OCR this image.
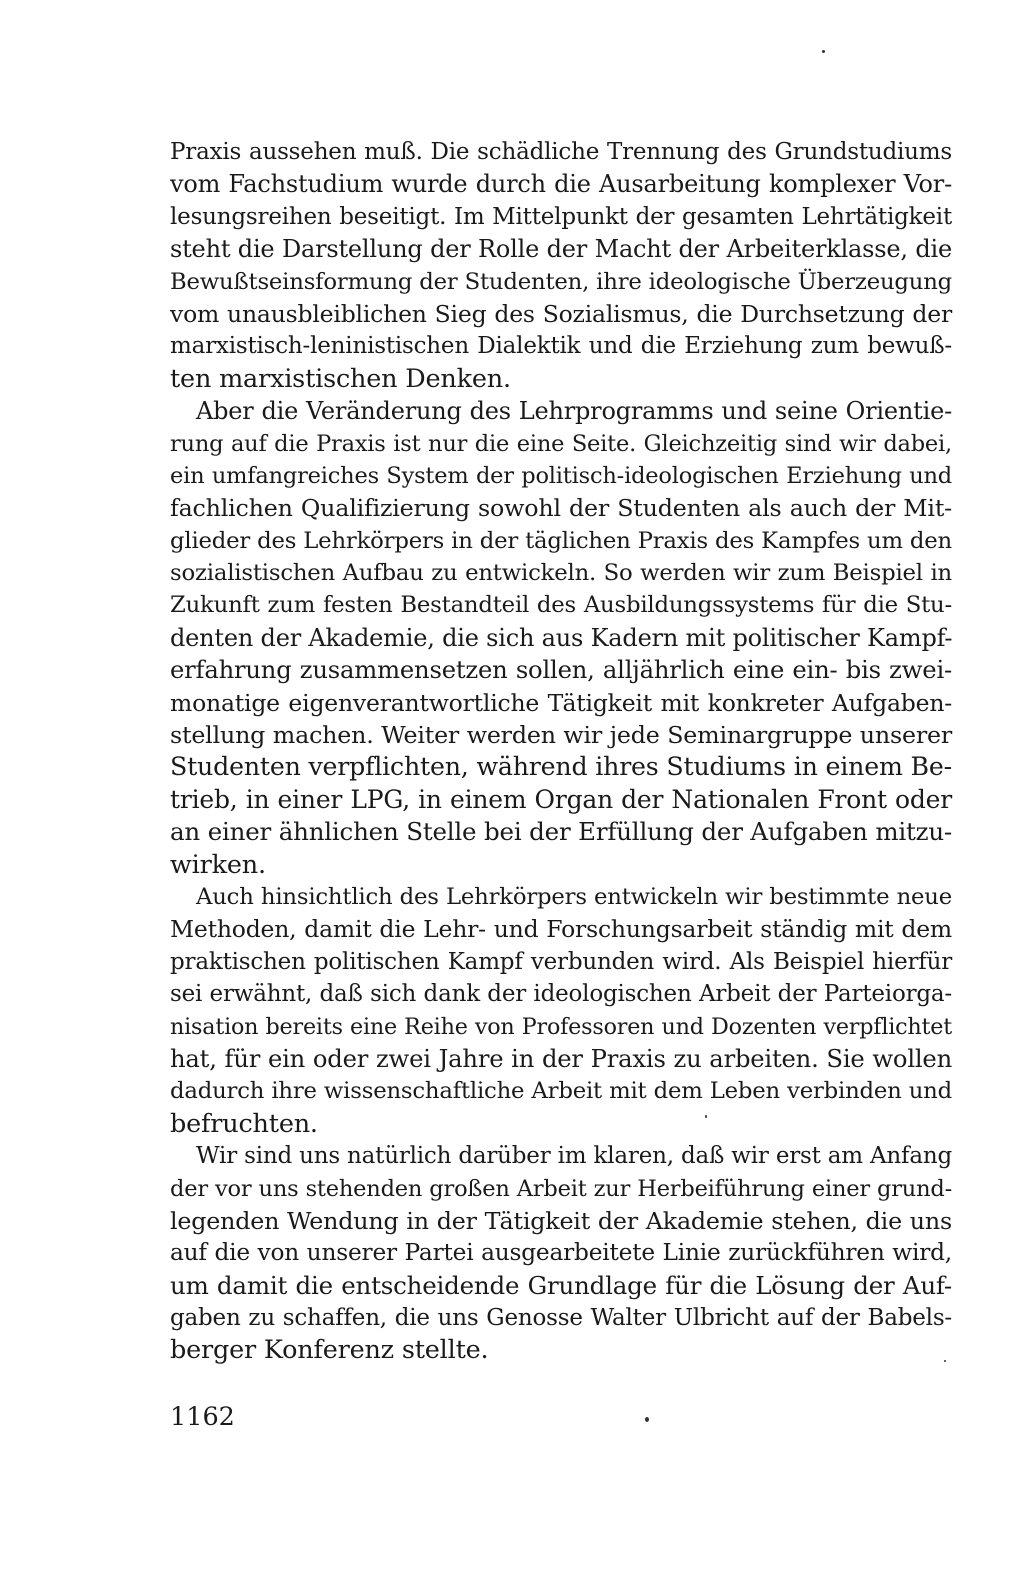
Praxis aussehen muß. Die schädliche Trennung des Grundstudiums
vom Fachstudium wurde durch die Ausarbeitung komplexer Vor-
lesungsreihen beseitigt. Im Mittelpunkt der gesamten Lehrtätigkeit
steht die Darstellung der Rolle der Macht der Arbeiterklasse, die
Bewußtseinsformung der Studenten, ihre ideologische Überzeugung
vom unausbleiblichen Sieg des Sozialismus, die Durchsetzung der
marxistisch-leninistischen Dialektik und die Erziehung zum bewuß-
ten marxistischen Denken.
Aber die Veränderung des Lehrprogramms und seine Orientie-
rung auf die Praxis ist nur die eine Seite. Gleichzeitig sind wir dabei,
ein umfangreiches System der politisch-ideologischen Erziehung und
fachlichen Qualifizierung sowohl der Studenten als auch der Mit-
glieder des Lehrkörpers in der täglichen Praxis des Kampfes um den
sozialistischen Aufbau zu entwickeln. So werden wir zum Beispiel in
Zukunft zum festen Bestandteil des Ausbildungssystems für die Stu-
denten der Akademie, die sich aus Kadern mit politischer Kampf-
erfahrung zusammensetzen sollen, alljährlich eine ein- bis zwei-
monatige eigenverantwortliche Tätigkeit mit konkreter Aufgaben-
stellung machen. Weiter werden wir jede Seminargruppe unserer
Studenten verpflichten, während ihres Studiums in einem Be-
trieb, in einer LPG, in einem Organ der Nationalen Front oder
an einer ähnlichen Stelle bei der Erfüllung der Aufgaben mitzu-
wirken.
Auch hinsichtlich des Lehrkörpers entwickeln wir bestimmte neue
Methoden, damit die Lehr- und Forschungsarbeit ständig mit dem
praktischen politischen Kampf verbunden wird. Als Beispiel hierfür
sei erwähnt, daß sich dank der ideologischen Arbeit der Parteiorga-
nisation bereits eine Reihe von Professoren und Dozenten verpflichtet
hat, für ein oder zwei Jahre in der Praxis zu arbeiten. Sie wollen
dadurch ihre wissenschaftliche Arbeit mit dem Leben verbinden und
befruchten.
Wir sind uns natürlich darüber im klaren, daß wir erst am Anfang
der vor uns stehenden großen Arbeit zur Herbeiführung einer grund-
legenden Wendung in der Tätigkeit der Akademie stehen, die uns
auf die von unserer Partei ausgearbeitete Linie zurückführen wird,
um damit die entscheidende Grundlage für die Lösung der Auf-
gaben zu schaffen, die uns Genosse Walter Ulbricht auf der Babels-
berger Konferenz stellte.
1162
